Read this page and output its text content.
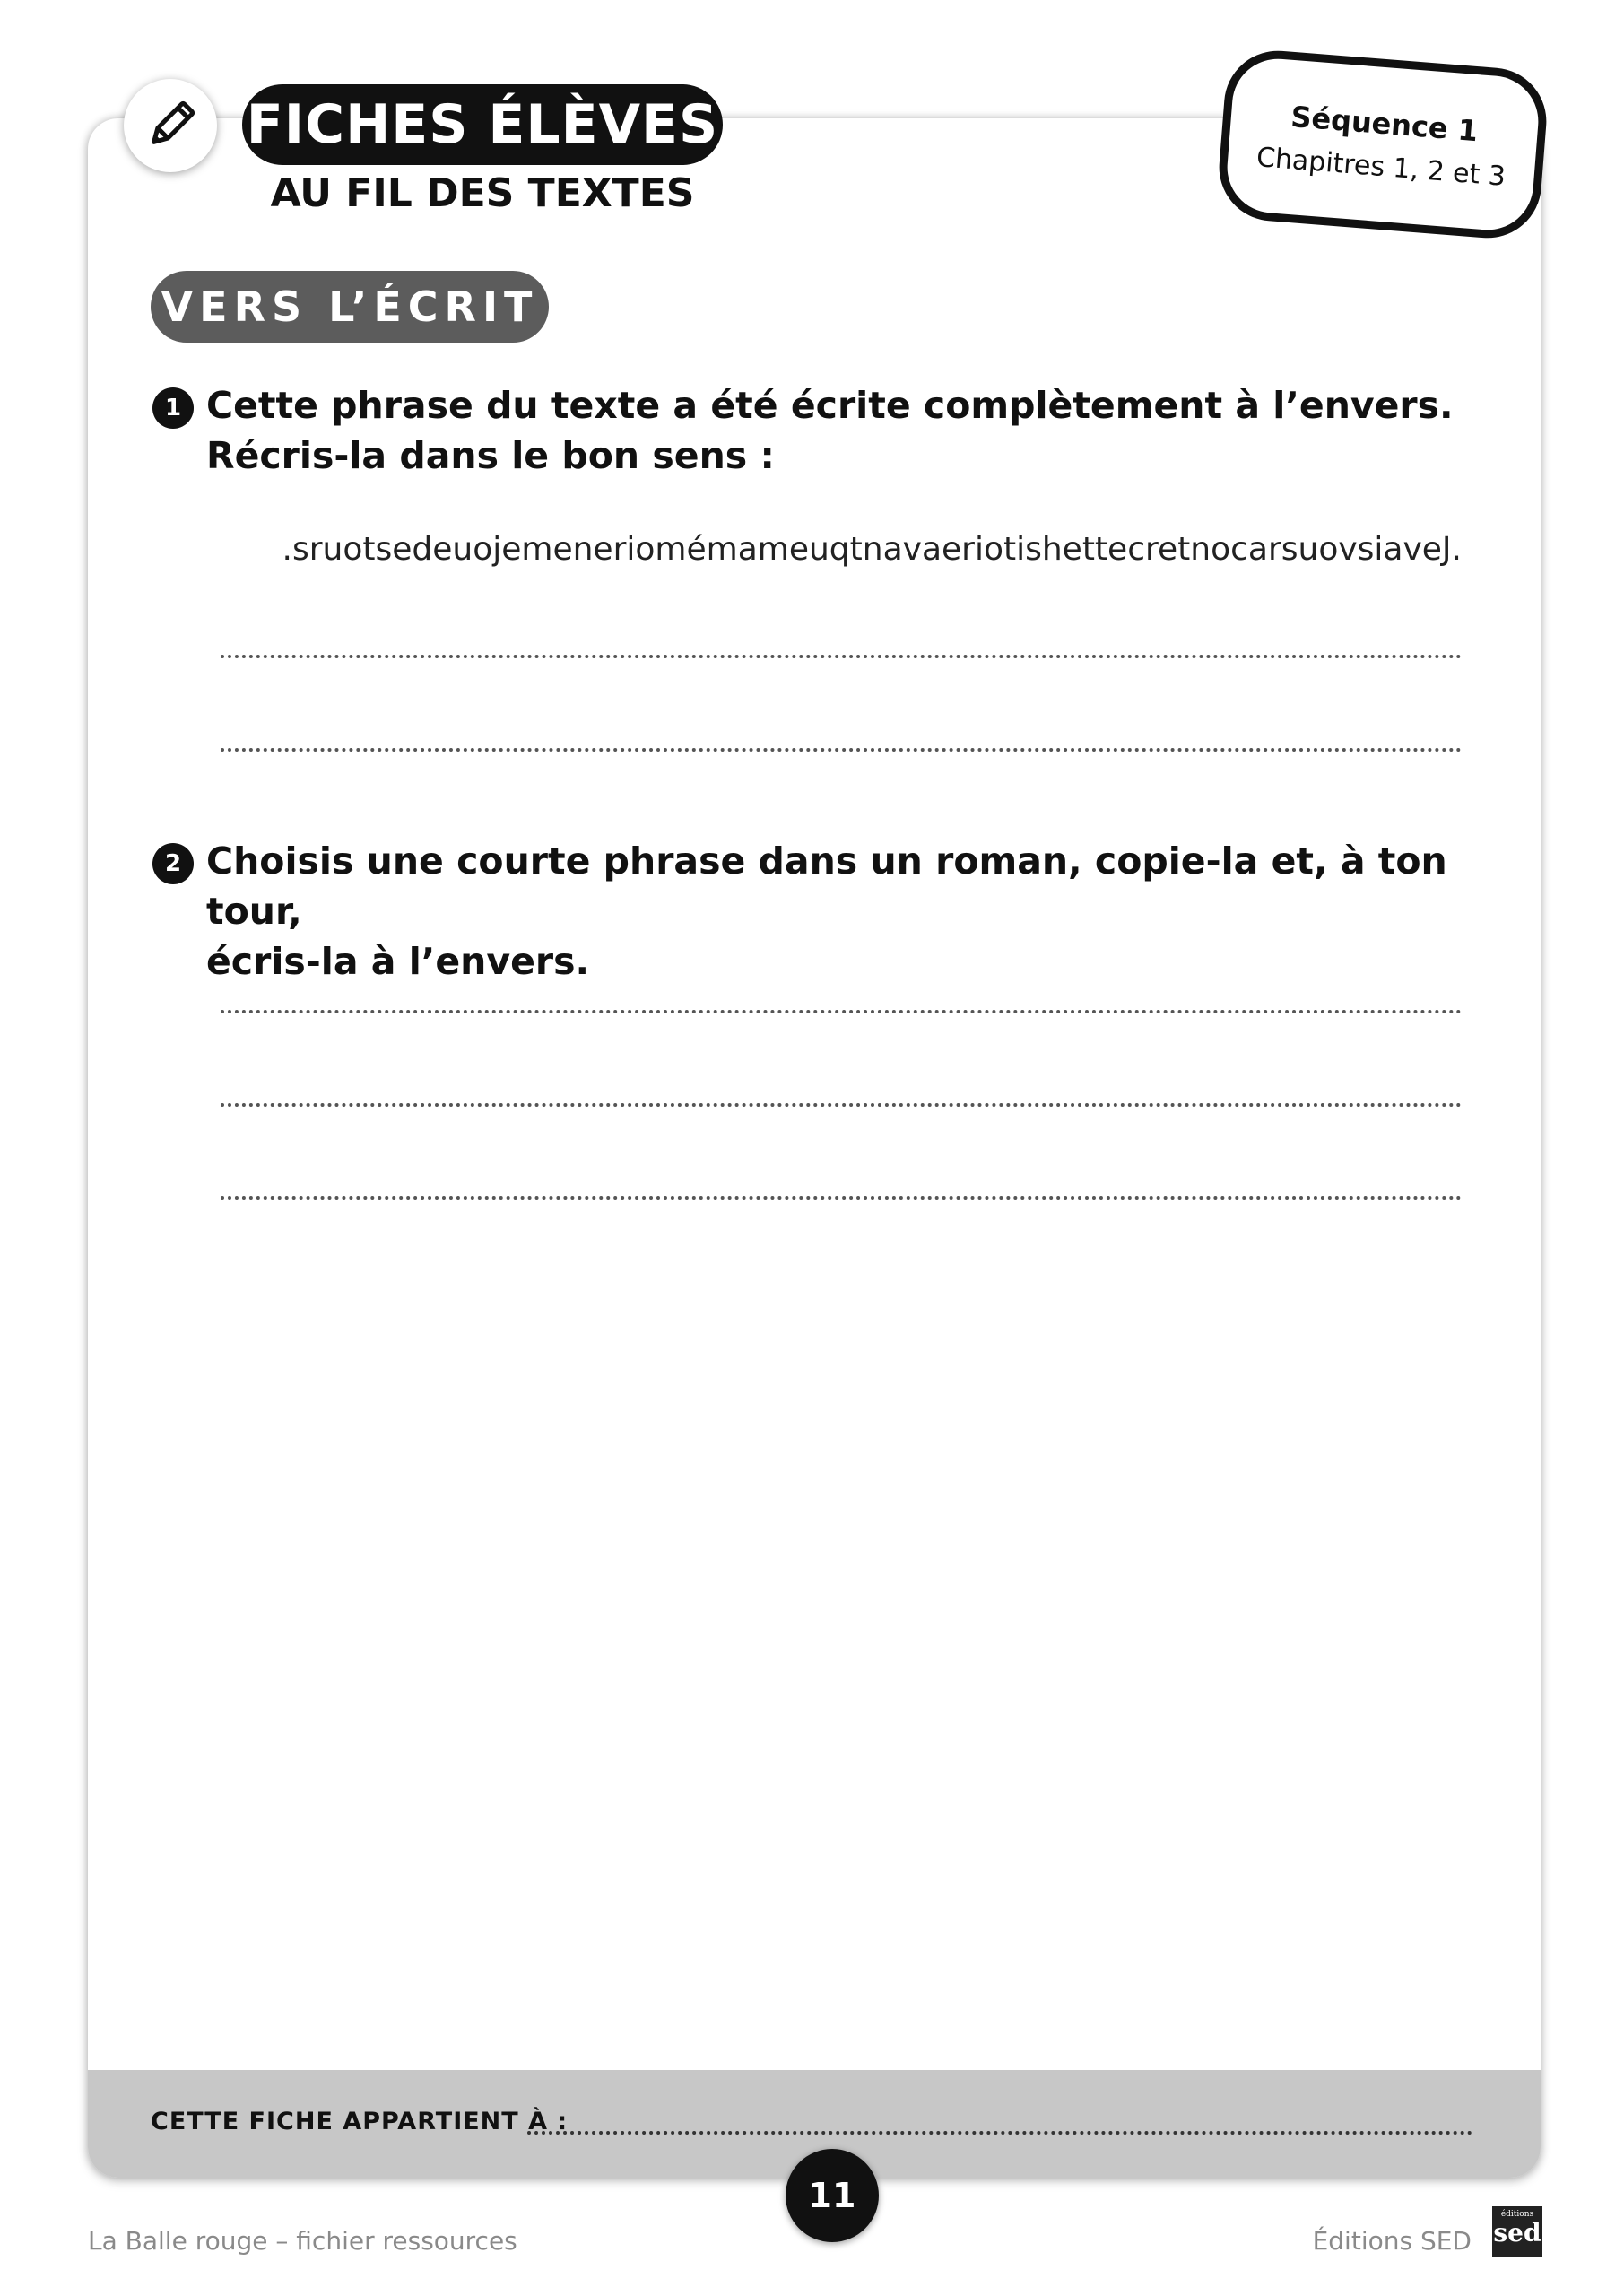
CETTE FICHE APPARTIENT À :
FICHES ÉLÈVES
AU FIL DES TEXTES
Séquence 1
Chapitres 1, 2 et 3
VERS L’ÉCRIT
1 Cette phrase du texte a été écrite complètement à l’envers.
Récris-la dans le bon sens :
.sruotsedeuojemeneriomémameuqtnavaeriotishettecretnocarsuovsiaveJ.
2 Choisis une courte phrase dans un roman, copie-la et, à ton tour,
écris-la à l’envers.
11
La Balle rouge – fichier ressources	Éditions SED
éditions
sed
